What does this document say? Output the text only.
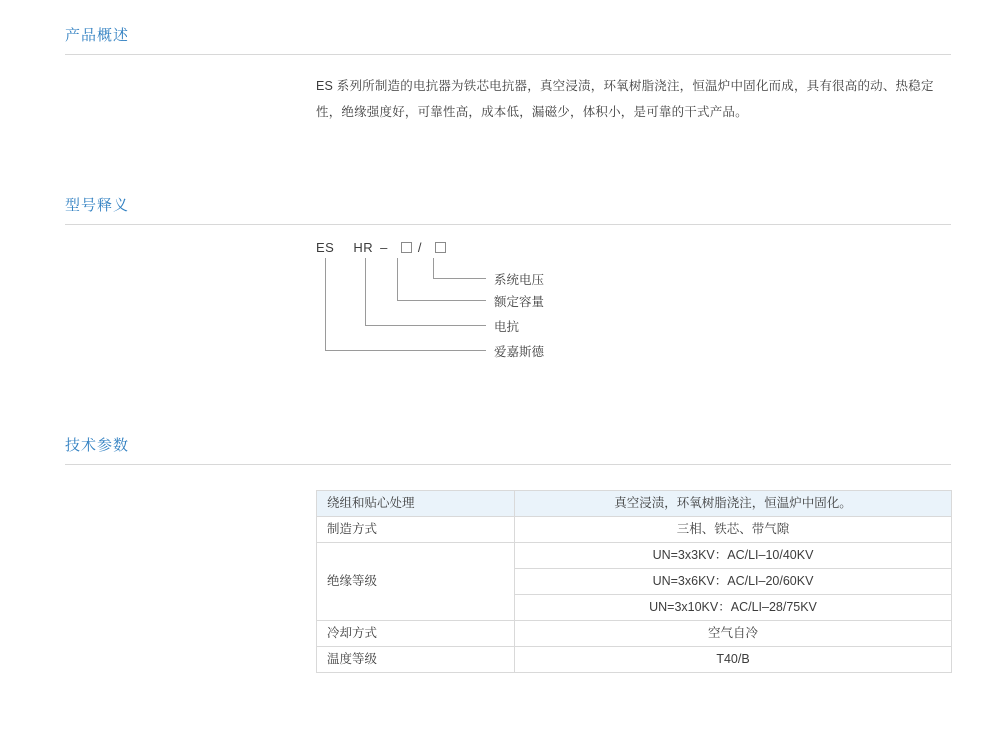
产品概述
ES 系列所制造的电抗器为铁芯电抗器，真空浸渍，环氧树脂浇注，恒温炉中固化而成，具有很高的动、热稳定性，绝缘强度好，可靠性高，成本低，漏磁少，体积小，是可靠的干式产品。
型号释义
ES HR – /
系统电压
额定容量
电抗
爱嘉斯德
技术参数
绕组和贴心处理	真空浸渍，环氧树脂浇注，恒温炉中固化。
制造方式	三相、铁芯、带气隙
绝缘等级	UN=3x3KV：AC/LI–10/40KV
	UN=3x6KV：AC/LI–20/60KV
	UN=3x10KV：AC/LI–28/75KV
冷却方式	空气自冷
温度等级	T40/B
